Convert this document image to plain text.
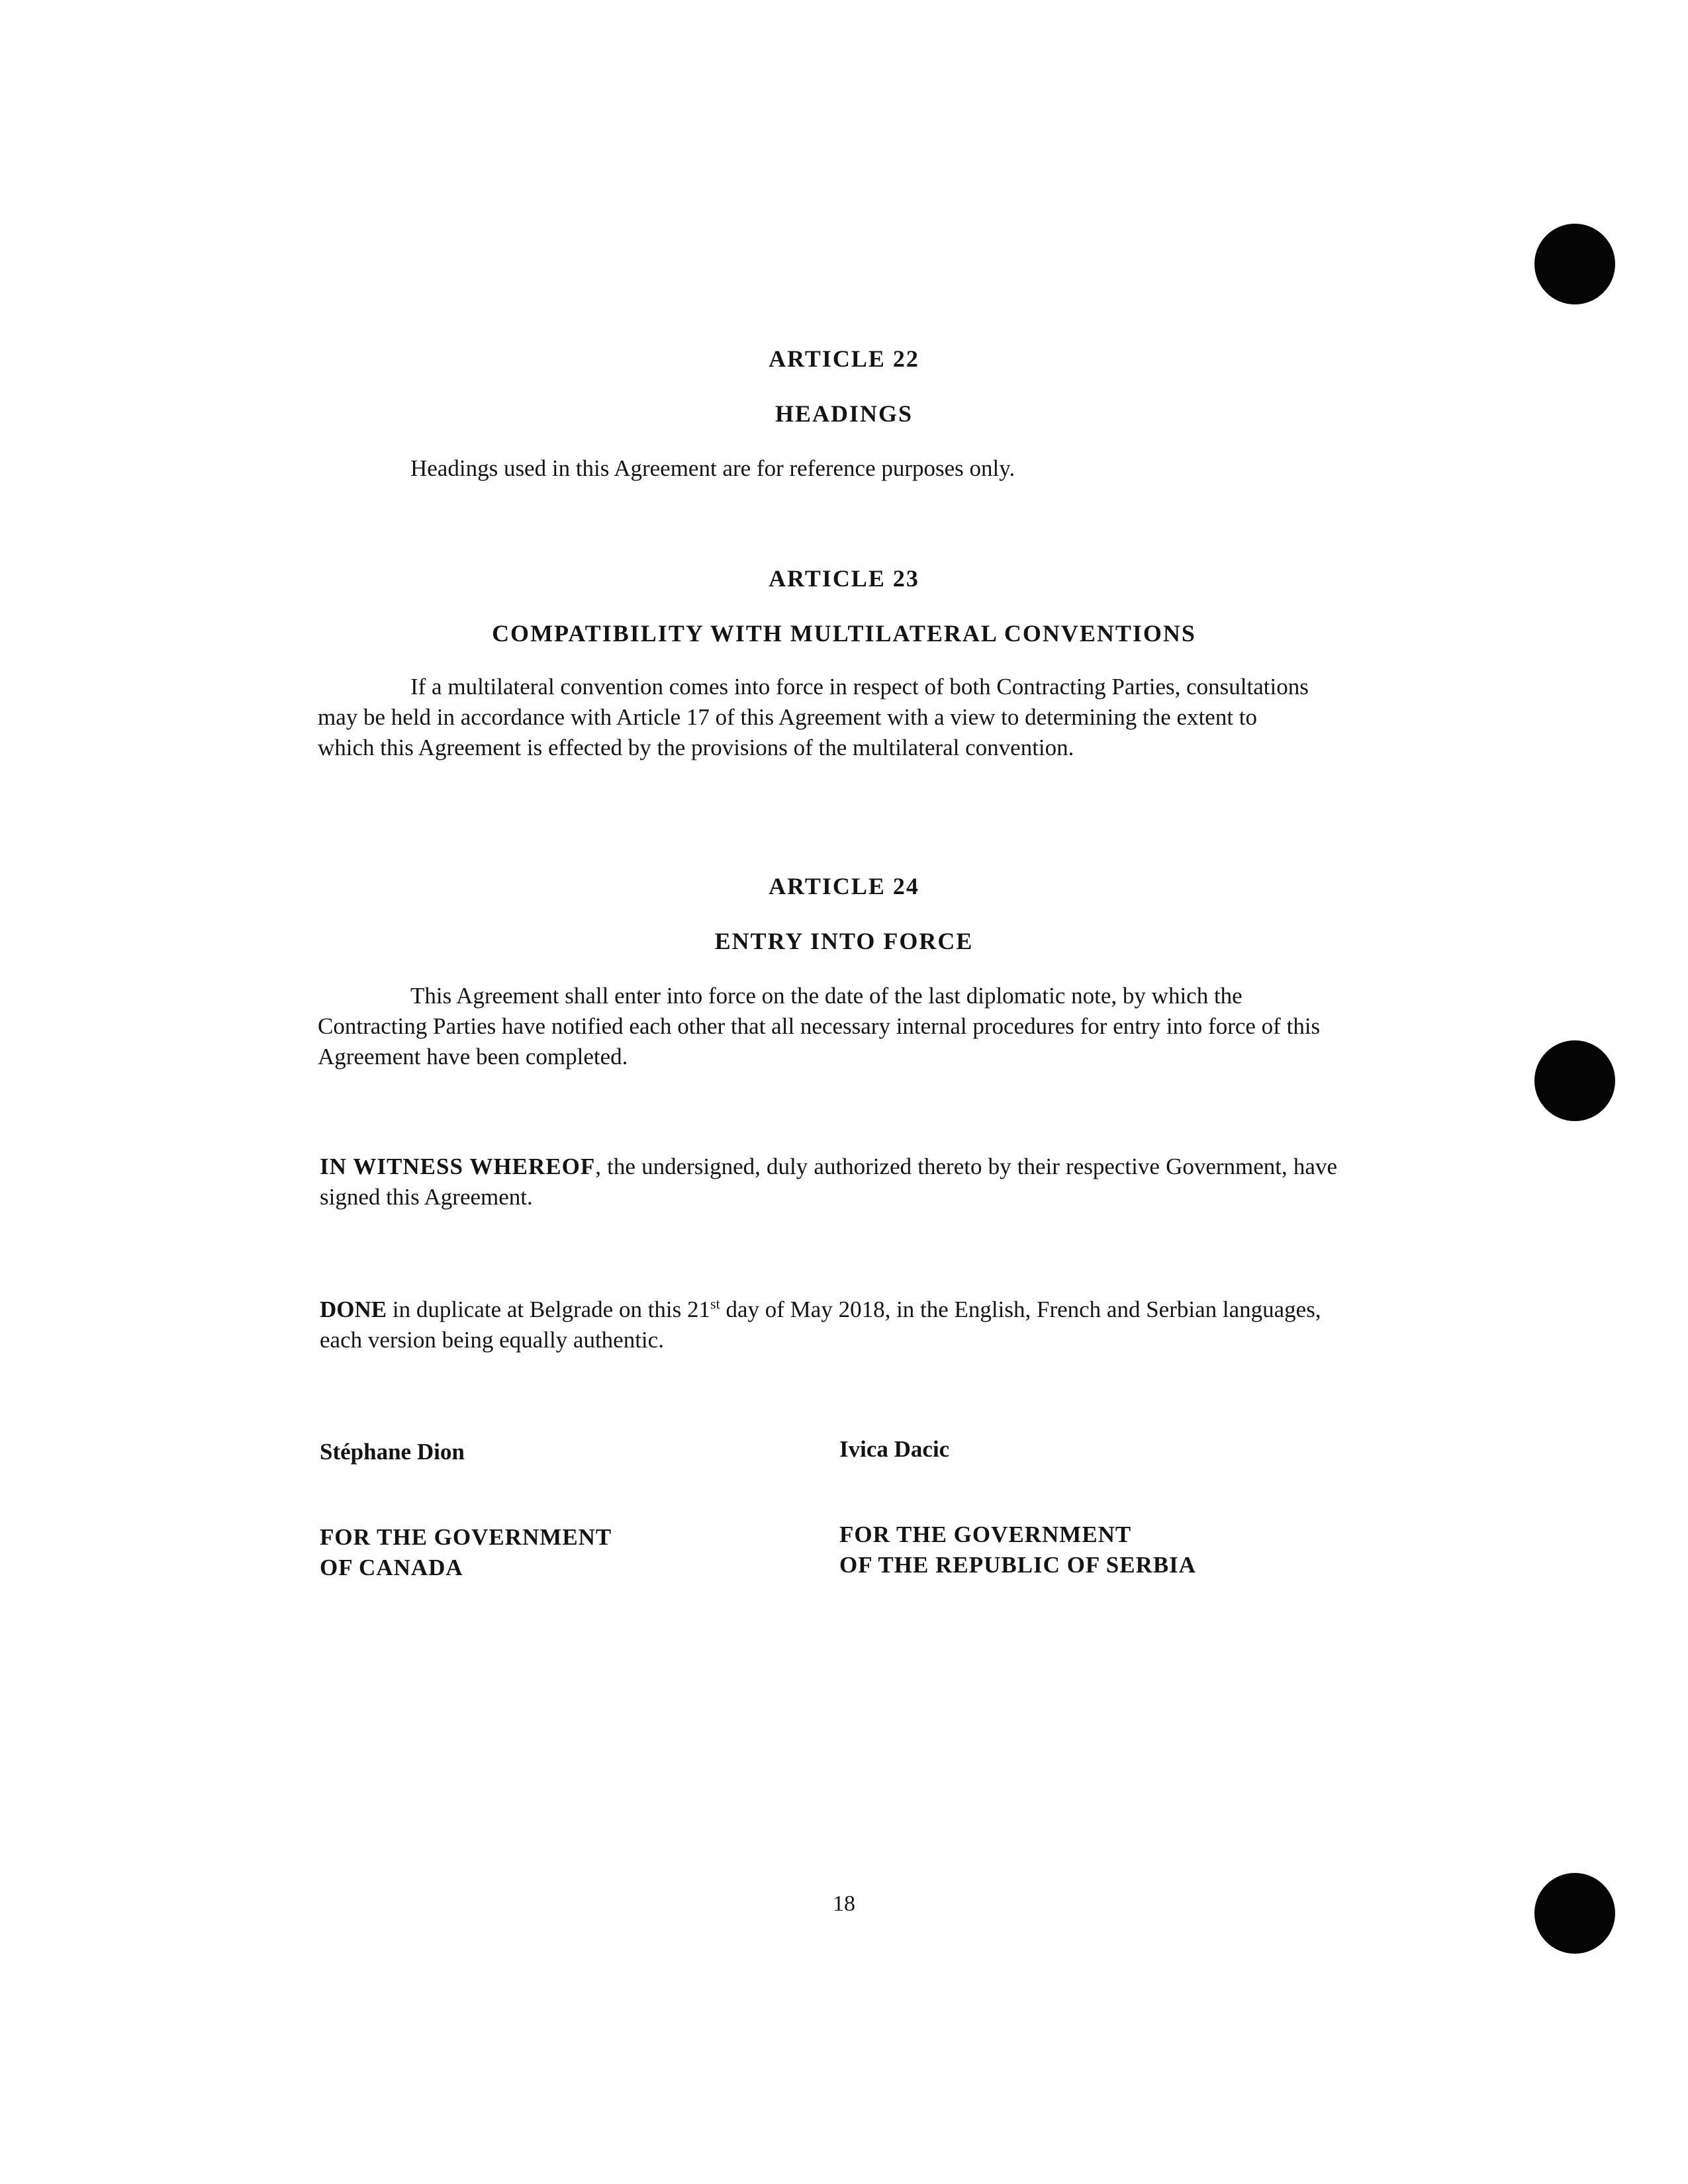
ARTICLE 22
HEADINGS

Headings used in this Agreement are for reference purposes only.

ARTICLE 23
COMPATIBILITY WITH MULTILATERAL CONVENTIONS

If a multilateral convention comes into force in respect of both Contracting Parties, consultations may be held in accordance with Article 17 of this Agreement with a view to determining the extent to which this Agreement is effected by the provisions of the multilateral convention.

ARTICLE 24
ENTRY INTO FORCE

This Agreement shall enter into force on the date of the last diplomatic note, by which the Contracting Parties have notified each other that all necessary internal procedures for entry into force of this Agreement have been completed.

IN WITNESS WHEREOF, the undersigned, duly authorized thereto by their respective Government, have signed this Agreement.

DONE in duplicate at Belgrade on this 21st day of May 2018, in the English, French and Serbian languages, each version being equally authentic.

Stéphane Dion	Ivica Dacic
FOR THE GOVERNMENT
OF CANADA
FOR THE GOVERNMENT
OF THE REPUBLIC OF SERBIA
18
